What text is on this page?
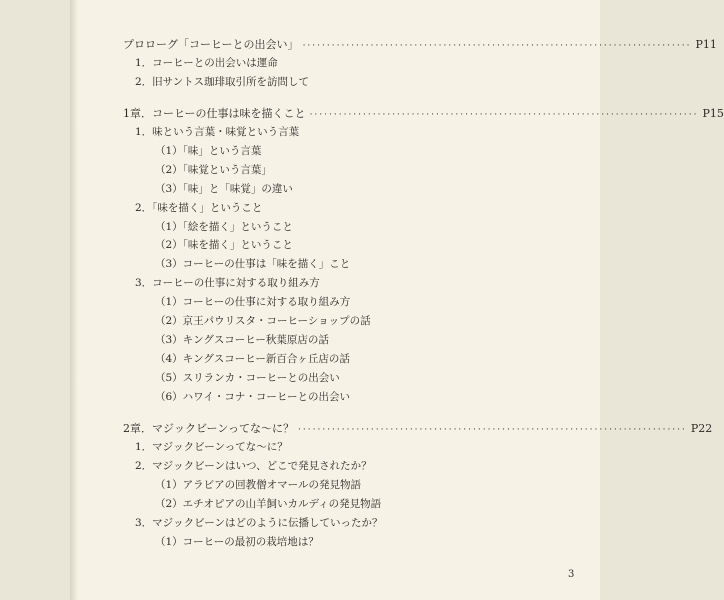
プロローグ「コーヒーとの出会い」 ················································································ P11
1．コーヒーとの出会いは運命
2．旧サントス珈琲取引所を訪問して
1章．コーヒーの仕事は味を描くこと ················································································ P15
1．味という言葉・味覚という言葉
（1）「味」という言葉
（2）「味覚という言葉」
（3）「味」と「味覚」の違い
2．「味を描く」ということ
（1）「絵を描く」ということ
（2）「味を描く」ということ
（3）コーヒーの仕事は「味を描く」こと
3．コーヒーの仕事に対する取り組み方
（1）コーヒーの仕事に対する取り組み方
（2）京王パウリスタ・コーヒーショップの話
（3）キングスコーヒー秋葉原店の話
（4）キングスコーヒー新百合ヶ丘店の話
（5）スリランカ・コーヒーとの出会い
（6）ハワイ・コナ・コーヒーとの出会い
2章．マジックビーンってな〜に？ ················································································ P22
1．マジックビーンってな〜に？
2．マジックビーンはいつ、どこで発見されたか？
（1）アラビアの回教僧オマールの発見物語
（2）エチオピアの山羊飼いカルディの発見物語
3．マジックビーンはどのように伝播していったか？
（1）コーヒーの最初の栽培地は？
3
